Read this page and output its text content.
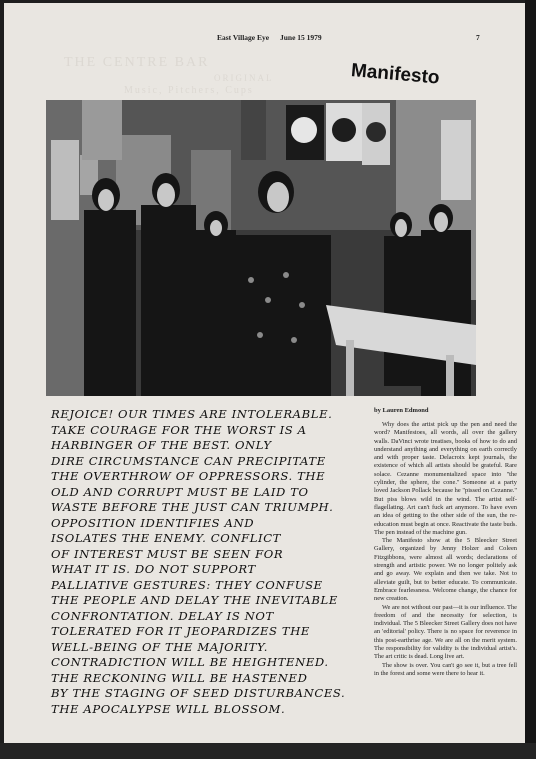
THE CENTRE BAR
ORIGINAL
Music, Pitchers, Cups
East Village Eye June 15 1979	7
Manifesto
REJOICE! OUR TIMES ARE INTOLERABLE.
TAKE COURAGE FOR THE WORST IS A
HARBINGER OF THE BEST. ONLY
DIRE CIRCUMSTANCE CAN PRECIPITATE
THE OVERTHROW OF OPPRESSORS. THE
OLD AND CORRUPT MUST BE LAID TO
WASTE BEFORE THE JUST CAN TRIUMPH.
OPPOSITION IDENTIFIES AND
ISOLATES THE ENEMY. CONFLICT
OF INTEREST MUST BE SEEN FOR
WHAT IT IS. DO NOT SUPPORT
PALLIATIVE GESTURES: THEY CONFUSE
THE PEOPLE AND DELAY THE INEVITABLE
CONFRONTATION. DELAY IS NOT
TOLERATED FOR IT JEOPARDIZES THE
WELL-BEING OF THE MAJORITY.
CONTRADICTION WILL BE HEIGHTENED.
THE RECKONING WILL BE HASTENED
BY THE STAGING OF SEED DISTURBANCES.
THE APOCALYPSE WILL BLOSSOM.
by Lauren Edmond

Why does the artist pick up the pen and need the word? Manifestoes, all words, all over the gallery walls. DaVinci wrote treatises, books of how to do and understand anything and everything on earth correctly and with proper taste. Delacroix kept journals, the existence of which all artists should be grateful. Rare solace. Cezanne monumentalized space into "the cylinder, the sphere, the cone." Someone at a party loved Jackson Pollack because he "pissed on Cezanne." But piss blows wild in the wind. The artist self-flagellating. Art can't fuck art anymore. To have even an idea of getting to the other side of the sun, the re-education must begin at once. Reactivate the taste buds. The pen instead of the machine gun.

The Manifesto show at the 5 Bleecker Street Gallery, organized by Jenny Holzer and Coleen Fitzgibbons, were almost all words; declarations of strength and artistic power. We no longer politely ask and go away. We explain and then we take. Not to alleviate guilt, but to better educate. To communicate. Embrace fearlessness. Welcome change, the chance for new creation.

We are not without our past—it is our influence. The freedom of and the necessity for selection, is individual. The 5 Bleecker Street Gallery does not have an 'editorial' policy. There is no space for reverence in this post-earthrise age. We are all on the merit system. The responsibility for validity is the individual artist's. The art critic is dead. Long live art.

The show is over. You can't go see it, but a tree fell in the forest and some were there to hear it.
